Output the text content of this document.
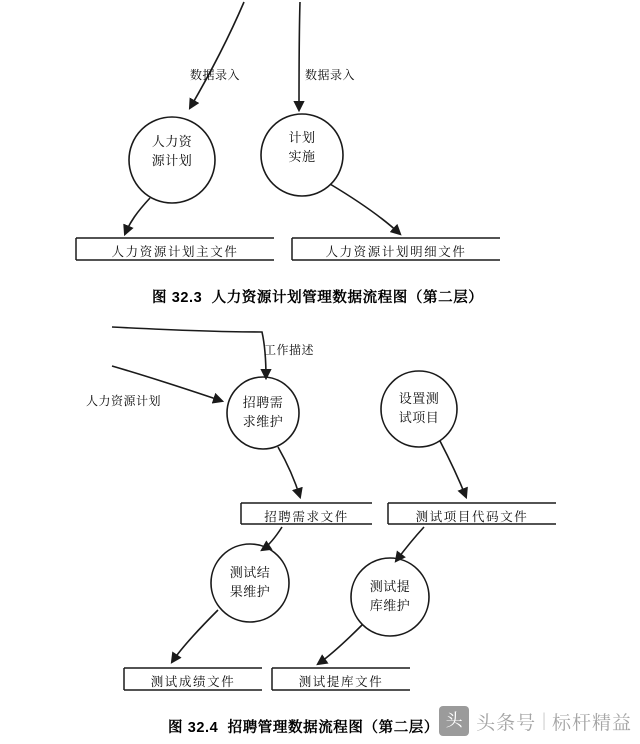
数据录入	数据录入
人力资
源计划
计划
实施
人力资源计划主文件	人力资源计划明细文件
图 32.3  人力资源计划管理数据流程图（第二层）
工作描述
人力资源计划	招聘需
求维护
设置测
试项目
测试结
果维护	测试提
库维护
招聘需求文件	测试项目代码文件
测试成绩文件	测试提库文件
图 32.4  招聘管理数据流程图（第二层） 头 头条号 | 标杆精益
